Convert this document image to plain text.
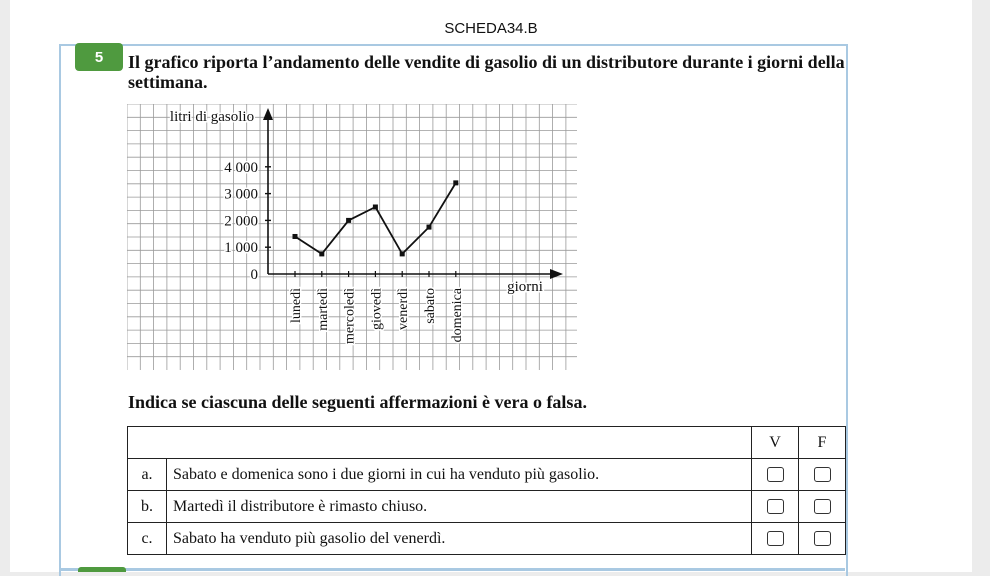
SCHEDA34.B
5	Il grafico riporta l’andamento delle vendite di gasolio di un distributore durante i giorni della settimana.
litri di gasolio
giorni
0
1 000
2 000
3 000
4 000
lunedì martedì mercoledì giovedì venerdì sabato domenica
Indica se ciascuna delle seguenti affermazioni è vera o falsa.
		V	F
a.	Sabato e domenica sono i due giorni in cui ha venduto più gasolio.		
b.	Martedì il distributore è rimasto chiuso.		
c.	Sabato ha venduto più gasolio del venerdì.		
